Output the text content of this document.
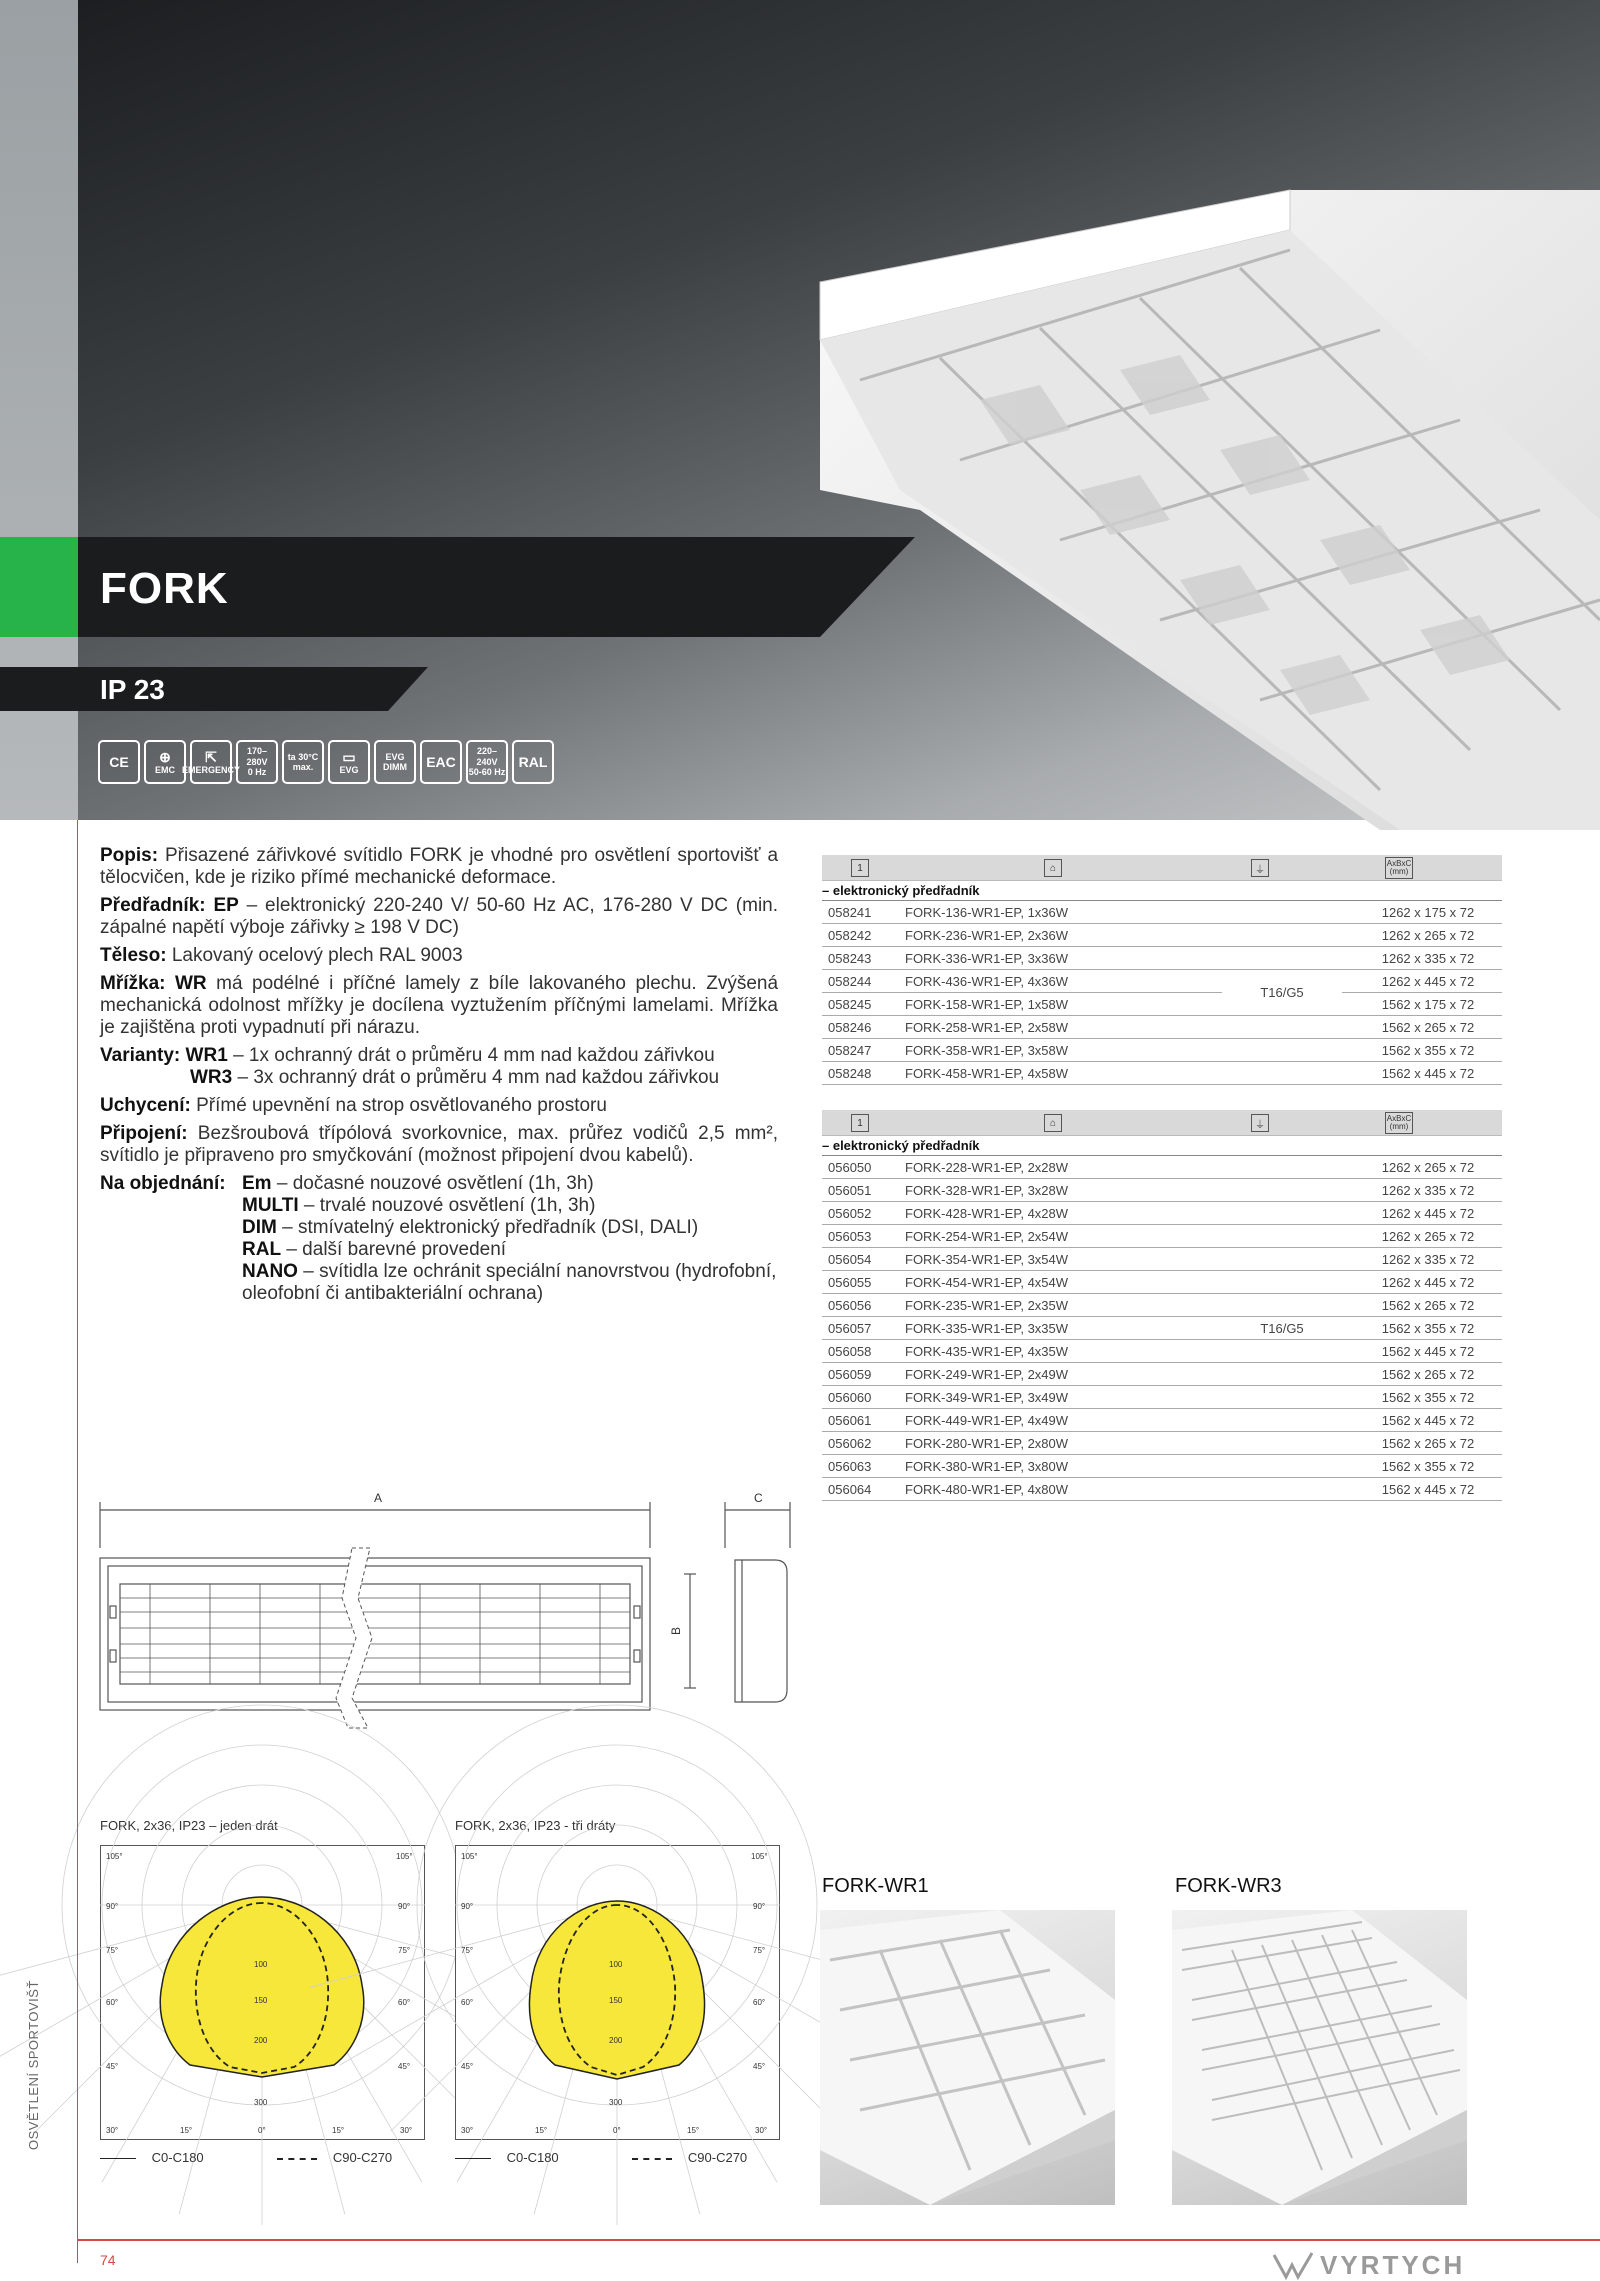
FORK
IP 23
CE ⊕
EMC
⇱
EMERGENCY
170–280V
0 Hz
ta 30°C
max.
▭
EVG
EVG
DIMM EAC
220–240V
50-60 Hz
RAL

Popis: Přisazené zářivkové svítidlo FORK je vhodné pro osvětlení sportovišť a tělocvičen, kde je riziko přímé mechanické deformace.

Předřadník: EP – elektronický 220-240 V/ 50-60 Hz AC, 176-280 V DC (min. zápalné napětí výboje zářivky ≥ 198 V DC)

Těleso: Lakovaný ocelový plech RAL 9003

Mřížka: WR má podélné i příčné lamely z bíle lakovaného plechu. Zvýšená mechanická odolnost mřížky je docílena vyztužením příčnými lamelami. Mřížka je zajištěna proti vypadnutí při nárazu.

Varianty: WR1 – 1x ochranný drát o průměru 4 mm nad každou zářivkou
WR3 – 3x ochranný drát o průměru 4 mm nad každou zářivkou

Uchycení: Přímé upevnění na strop osvětlovaného prostoru

Připojení: Bezšroubová třípólová svorkovnice, max. průřez vodičů 2,5 mm², svítidlo je připraveno pro smyčkování (možnost připojení dvou kabelů).

Na objednání: Em – dočasné nouzové osvětlení (1h, 3h)
MULTI – trvalé nouzové osvětlení (1h, 3h)
DIM – stmívatelný elektronický předřadník (DSI, DALI)
RAL – další barevné provedení
NANO – svítidla lze ochránit speciální nanovrstvou (hydrofobní, oleofobní či antibakteriální ochrana)
1	⌂	⏚
AxBxC
(mm)
– elektronický předřadník
058241	FORK-136-WR1-EP, 1x36W	1262 x 175 x 72
058242	FORK-236-WR1-EP, 2x36W	1262 x 265 x 72
058243	FORK-336-WR1-EP, 3x36W	1262 x 335 x 72
058244	FORK-436-WR1-EP, 4x36W	1262 x 445 x 72
058245	FORK-158-WR1-EP, 1x58W	1562 x 175 x 72
058246	FORK-258-WR1-EP, 2x58W	1562 x 265 x 72
058247	FORK-358-WR1-EP, 3x58W	1562 x 355 x 72
058248	FORK-458-WR1-EP, 4x58W	1562 x 445 x 72
T16/G5
1	⌂	⏚
AxBxC
(mm)
– elektronický předřadník
056050	FORK-228-WR1-EP, 2x28W	1262 x 265 x 72
056051	FORK-328-WR1-EP, 3x28W	1262 x 335 x 72
056052	FORK-428-WR1-EP, 4x28W	1262 x 445 x 72
056053	FORK-254-WR1-EP, 2x54W	1262 x 265 x 72
056054	FORK-354-WR1-EP, 3x54W	1262 x 335 x 72
056055	FORK-454-WR1-EP, 4x54W	1262 x 445 x 72
056056	FORK-235-WR1-EP, 2x35W	1562 x 265 x 72
056057	FORK-335-WR1-EP, 3x35W	1562 x 355 x 72
056058	FORK-435-WR1-EP, 4x35W	1562 x 445 x 72
056059	FORK-249-WR1-EP, 2x49W	1562 x 265 x 72
056060	FORK-349-WR1-EP, 3x49W	1562 x 355 x 72
056061	FORK-449-WR1-EP, 4x49W	1562 x 445 x 72
056062	FORK-280-WR1-EP, 2x80W	1562 x 265 x 72
056063	FORK-380-WR1-EP, 3x80W	1562 x 355 x 72
056064	FORK-480-WR1-EP, 4x80W	1562 x 445 x 72
T16/G5
A	C
B
FORK, 2x36, IP23 – jeden drát	FORK, 2x36, IP23 - tři dráty
105°	105°
90°	90°
75°	75°
60°	60°
45°	45°
30°	15°	0°	15°	30°
100
150
200
300
105°	105°
90°	90°
75°	75°
60°	60°
45°	45°
30°	15°	0°	15°	30°
100
150
200
300
C0-C180	C90-C270	C0-C180	C90-C270
FORK-WR1	FORK-WR3
OSVĚTLENÍ SPORTOVIŠŤ
74	VYRTYCH
